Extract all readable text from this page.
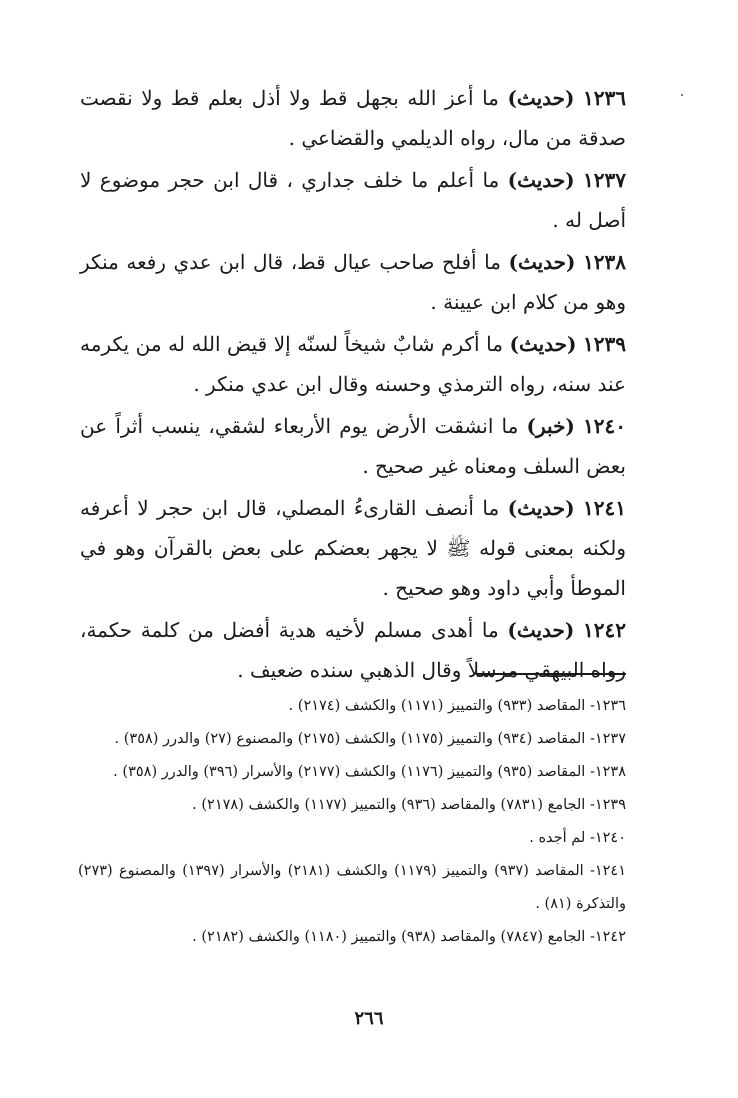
١٢٣٦ (حديث) ما أعز الله بجهل قط ولا أذل بعلم قط ولا نقصت صدقة من مال، رواه الديلمي والقضاعي .

١٢٣٧ (حديث) ما أعلم ما خلف جداري ، قال ابن حجر موضوع لا أصل له .

١٢٣٨ (حديث) ما أفلح صاحب عيال قط، قال ابن عدي رفعه منكر وهو من كلام ابن عيينة .

١٢٣٩ (حديث) ما أكرم شابٌ شيخاً لسنّه إلا قيض الله له من يكرمه عند سنه، رواه الترمذي وحسنه وقال ابن عدي منكر .

١٢٤٠ (خبر) ما انشقت الأرض يوم الأربعاء لشقي، ينسب أثراً عن بعض السلف ومعناه غير صحيح .

١٢٤١ (حديث) ما أنصف القارىءُ المصلي، قال ابن حجر لا أعرفه ولكنه بمعنى قوله ﷺ لا يجهر بعضكم على بعض بالقرآن وهو في الموطأ وأبي داود وهو صحيح .

١٢٤٢ (حديث) ما أهدى مسلم لأخيه هدية أفضل من كلمة حكمة، رواه البيهقي مرسلاً وقال الذهبي سنده ضعيف .

١٢٣٦- المقاصد (٩٣٣) والتمييز (١١٧١) والكشف (٢١٧٤) .

١٢٣٧- المقاصد (٩٣٤) والتمييز (١١٧٥) والكشف (٢١٧٥) والمصنوع (٢٧) والدرر (٣٥٨) .

١٢٣٨- المقاصد (٩٣٥) والتمييز (١١٧٦) والكشف (٢١٧٧) والأسرار (٣٩٦) والدرر (٣٥٨) .

١٢٣٩- الجامع (٧٨٣١) والمقاصد (٩٣٦) والتمييز (١١٧٧) والكشف (٢١٧٨) .

١٢٤٠- لم أجده .

١٢٤١- المقاصد (٩٣٧) والتمييز (١١٧٩) والكشف (٢١٨١) والأسرار (١٣٩٧) والمصنوع (٢٧٣) والتذكرة (٨١) .

١٢٤٢- الجامع (٧٨٤٧) والمقاصد (٩٣٨) والتمييز (١١٨٠) والكشف (٢١٨٢) .

٢٦٦
